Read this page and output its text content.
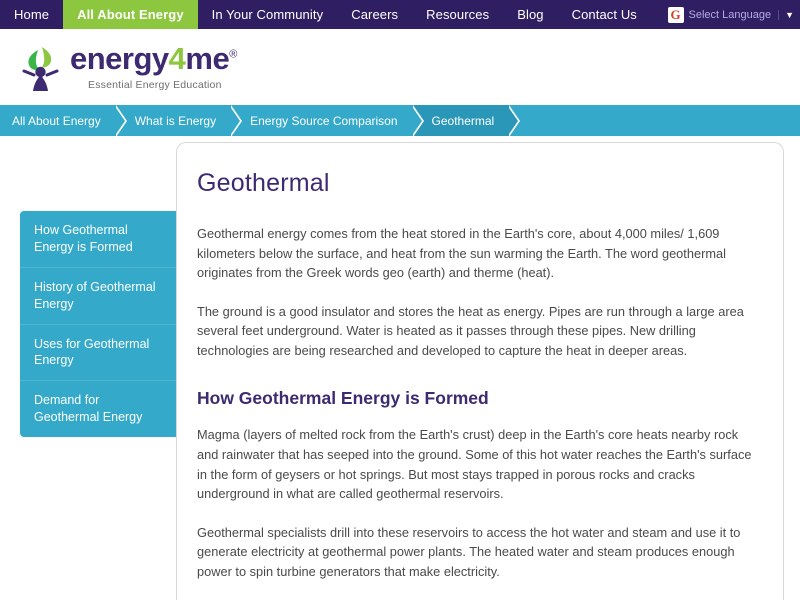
Home	All About Energy	In Your Community	Careers	Resources	Blog	Contact Us	G Select Language	▼
energy4me®
Essential Energy Education
All About Energy	What is Energy	Energy Source Comparison	Geothermal
How Geothermal Energy is Formed
History of Geothermal Energy
Uses for Geothermal Energy
Demand for Geothermal Energy
Geothermal

Geothermal energy comes from the heat stored in the Earth's core, about 4,000 miles/ 1,609 kilometers below the surface, and heat from the sun warming the Earth. The word geothermal originates from the Greek words geo (earth) and therme (heat).

The ground is a good insulator and stores the heat as energy. Pipes are run through a large area several feet underground. Water is heated as it passes through these pipes. New drilling technologies are being researched and developed to capture the heat in deeper areas.

How Geothermal Energy is Formed

Magma (layers of melted rock from the Earth's crust) deep in the Earth's core heats nearby rock and rainwater that has seeped into the ground. Some of this hot water reaches the Earth's surface in the form of geysers or hot springs. But most stays trapped in porous rocks and cracks underground in what are called geothermal reservoirs.

Geothermal specialists drill into these reservoirs to access the hot water and steam and use it to generate electricity at geothermal power plants. The heated water and steam produces enough power to spin turbine generators that make electricity.
